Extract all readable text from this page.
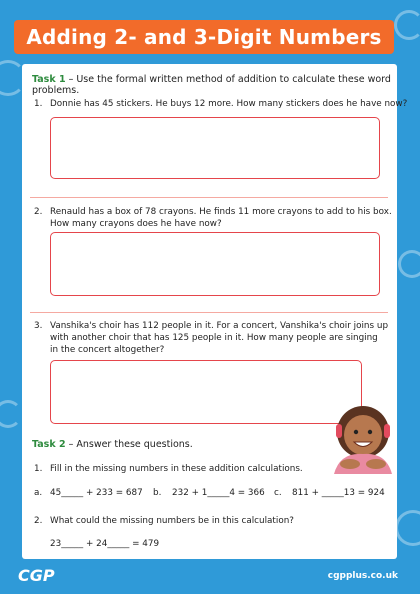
Adding 2- and 3-Digit Numbers
Task 1 – Use the formal written method of addition to calculate these word problems.
1. Donnie has 45 stickers. He buys 12 more. How many stickers does he have now?
2. Renauld has a box of 78 crayons. He finds 11 more crayons to add to his box.
How many crayons does he have now?
3. Vanshika's choir has 112 people in it. For a concert, Vanshika's choir joins up
with another choir that has 125 people in it. How many people are singing
in the concert altogether?
Task 2 – Answer these questions.
1. Fill in the missing numbers in these addition calculations.
a. 45_____ + 233 = 687 b. 232 + 1_____4 = 366 c. 811 + _____13 = 924
2. What could the missing numbers be in this calculation?
23_____ + 24_____ = 479
CGP	cgpplus.co.uk
